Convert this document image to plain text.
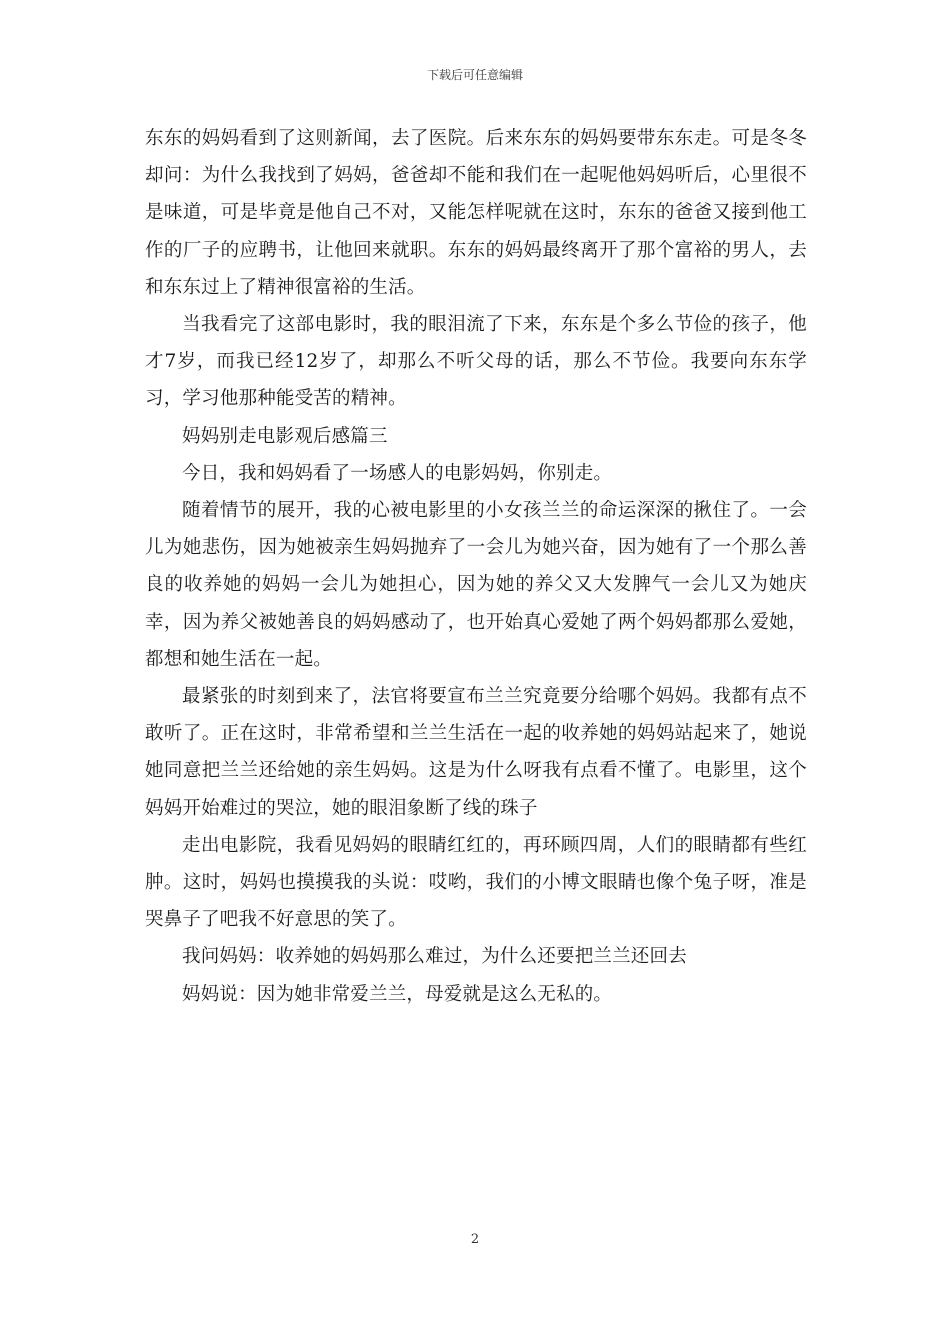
下载后可任意编辑

东东的妈妈看到了这则新闻，去了医院。后来东东的妈妈要带东东走。可是冬冬却问：为什么我找到了妈妈，爸爸却不能和我们在一起呢他妈妈听后，心里很不是味道，可是毕竟是他自己不对，又能怎样呢就在这时，东东的爸爸又接到他工作的厂子的应聘书，让他回来就职。东东的妈妈最终离开了那个富裕的男人，去和东东过上了精神很富裕的生活。

当我看完了这部电影时，我的眼泪流了下来，东东是个多么节俭的孩子，他才7岁，而我已经12岁了，却那么不听父母的话，那么不节俭。我要向东东学习，学习他那种能受苦的精神。

妈妈别走电影观后感篇三

今日，我和妈妈看了一场感人的电影妈妈，你别走。

随着情节的展开，我的心被电影里的小女孩兰兰的命运深深的揪住了。一会儿为她悲伤，因为她被亲生妈妈抛弃了一会儿为她兴奋，因为她有了一个那么善良的收养她的妈妈一会儿为她担心，因为她的养父又大发脾气一会儿又为她庆幸，因为养父被她善良的妈妈感动了，也开始真心爱她了两个妈妈都那么爱她，都想和她生活在一起。

最紧张的时刻到来了，法官将要宣布兰兰究竟要分给哪个妈妈。我都有点不敢听了。正在这时，非常希望和兰兰生活在一起的收养她的妈妈站起来了，她说她同意把兰兰还给她的亲生妈妈。这是为什么呀我有点看不懂了。电影里，这个妈妈开始难过的哭泣，她的眼泪象断了线的珠子

走出电影院，我看见妈妈的眼睛红红的，再环顾四周，人们的眼睛都有些红肿。这时，妈妈也摸摸我的头说：哎哟，我们的小博文眼睛也像个兔子呀，准是哭鼻子了吧我不好意思的笑了。

我问妈妈：收养她的妈妈那么难过，为什么还要把兰兰还回去

妈妈说：因为她非常爱兰兰，母爱就是这么无私的。

2
